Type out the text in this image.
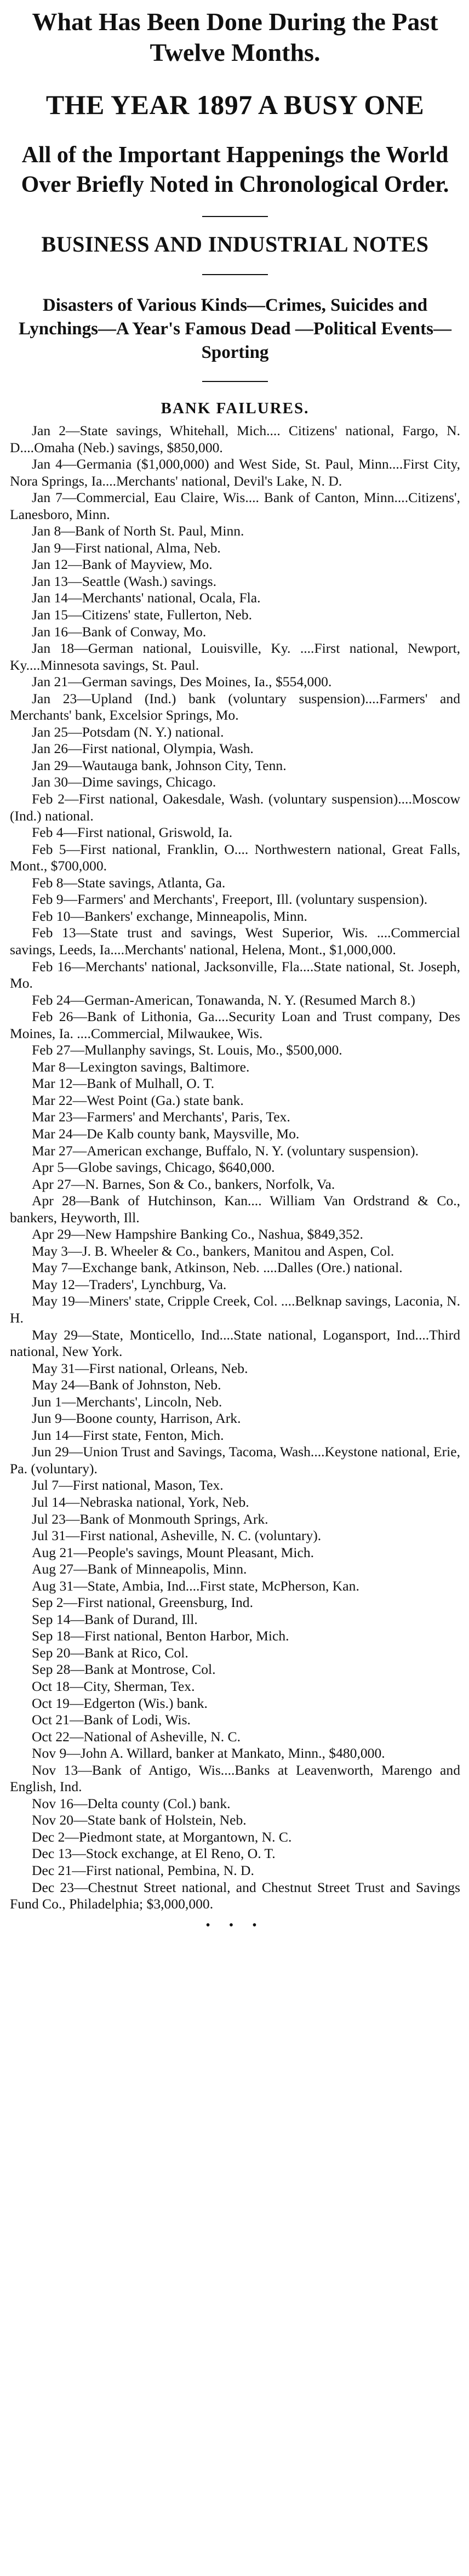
What Has Been Done During the Past Twelve Months.
THE YEAR 1897 A BUSY ONE

All of the Important Happenings the World Over Briefly Noted in Chronological Order.

BUSINESS AND INDUSTRIAL NOTES

Disasters of Various Kinds—Crimes, Suicides and Lynchings—A Year's Famous Dead —Political Events—Sporting

BANK FAILURES.

Jan 2—State savings, Whitehall, Mich.... Citizens' national, Fargo, N. D....Omaha (Neb.) savings, $850,000.

Jan 4—Germania ($1,000,000) and West Side, St. Paul, Minn....First City, Nora Springs, Ia....Merchants' national, Devil's Lake, N. D.

Jan 7—Commercial, Eau Claire, Wis.... Bank of Canton, Minn....Citizens', Lanesboro, Minn.

Jan 8—Bank of North St. Paul, Minn.

Jan 9—First national, Alma, Neb.

Jan 12—Bank of Mayview, Mo.

Jan 13—Seattle (Wash.) savings.

Jan 14—Merchants' national, Ocala, Fla.

Jan 15—Citizens' state, Fullerton, Neb.

Jan 16—Bank of Conway, Mo.

Jan 18—German national, Louisville, Ky. ....First national, Newport, Ky....Minnesota savings, St. Paul.

Jan 21—German savings, Des Moines, Ia., $554,000.

Jan 23—Upland (Ind.) bank (voluntary suspension)....Farmers' and Merchants' bank, Excelsior Springs, Mo.

Jan 25—Potsdam (N. Y.) national.

Jan 26—First national, Olympia, Wash.

Jan 29—Wautauga bank, Johnson City, Tenn.

Jan 30—Dime savings, Chicago.

Feb 2—First national, Oakesdale, Wash. (voluntary suspension)....Moscow (Ind.) national.

Feb 4—First national, Griswold, Ia.

Feb 5—First national, Franklin, O.... Northwestern national, Great Falls, Mont., $700,000.

Feb 8—State savings, Atlanta, Ga.

Feb 9—Farmers' and Merchants', Freeport, Ill. (voluntary suspension).

Feb 10—Bankers' exchange, Minneapolis, Minn.

Feb 13—State trust and savings, West Superior, Wis. ....Commercial savings, Leeds, Ia....Merchants' national, Helena, Mont., $1,000,000.

Feb 16—Merchants' national, Jacksonville, Fla....State national, St. Joseph, Mo.

Feb 24—German-American, Tonawanda, N. Y. (Resumed March 8.)

Feb 26—Bank of Lithonia, Ga....Security Loan and Trust company, Des Moines, Ia. ....Commercial, Milwaukee, Wis.

Feb 27—Mullanphy savings, St. Louis, Mo., $500,000.

Mar 8—Lexington savings, Baltimore.

Mar 12—Bank of Mulhall, O. T.

Mar 22—West Point (Ga.) state bank.

Mar 23—Farmers' and Merchants', Paris, Tex.

Mar 24—De Kalb county bank, Maysville, Mo.

Mar 27—American exchange, Buffalo, N. Y. (voluntary suspension).

Apr 5—Globe savings, Chicago, $640,000.

Apr 27—N. Barnes, Son & Co., bankers, Norfolk, Va.

Apr 28—Bank of Hutchinson, Kan.... William Van Ordstrand & Co., bankers, Heyworth, Ill.

Apr 29—New Hampshire Banking Co., Nashua, $849,352.

May 3—J. B. Wheeler & Co., bankers, Manitou and Aspen, Col.

May 7—Exchange bank, Atkinson, Neb. ....Dalles (Ore.) national.

May 12—Traders', Lynchburg, Va.

May 19—Miners' state, Cripple Creek, Col. ....Belknap savings, Laconia, N. H.

May 29—State, Monticello, Ind....State national, Logansport, Ind....Third national, New York.

May 31—First national, Orleans, Neb.

May 24—Bank of Johnston, Neb.

Jun 1—Merchants', Lincoln, Neb.

Jun 9—Boone county, Harrison, Ark.

Jun 14—First state, Fenton, Mich.

Jun 29—Union Trust and Savings, Tacoma, Wash....Keystone national, Erie, Pa. (voluntary).

Jul 7—First national, Mason, Tex.

Jul 14—Nebraska national, York, Neb.

Jul 23—Bank of Monmouth Springs, Ark.

Jul 31—First national, Asheville, N. C. (voluntary).

Aug 21—People's savings, Mount Pleasant, Mich.

Aug 27—Bank of Minneapolis, Minn.

Aug 31—State, Ambia, Ind....First state, McPherson, Kan.

Sep 2—First national, Greensburg, Ind.

Sep 14—Bank of Durand, Ill.

Sep 18—First national, Benton Harbor, Mich.

Sep 20—Bank at Rico, Col.

Sep 28—Bank at Montrose, Col.

Oct 18—City, Sherman, Tex.

Oct 19—Edgerton (Wis.) bank.

Oct 21—Bank of Lodi, Wis.

Oct 22—National of Asheville, N. C.

Nov 9—John A. Willard, banker at Mankato, Minn., $480,000.

Nov 13—Bank of Antigo, Wis....Banks at Leavenworth, Marengo and English, Ind.

Nov 16—Delta county (Col.) bank.

Nov 20—State bank of Holstein, Neb.

Dec 2—Piedmont state, at Morgantown, N. C.

Dec 13—Stock exchange, at El Reno, O. T.

Dec 21—First national, Pembina, N. D.

Dec 23—Chestnut Street national, and Chestnut Street Trust and Savings Fund Co., Philadelphia; $3,000,000.

• • •
